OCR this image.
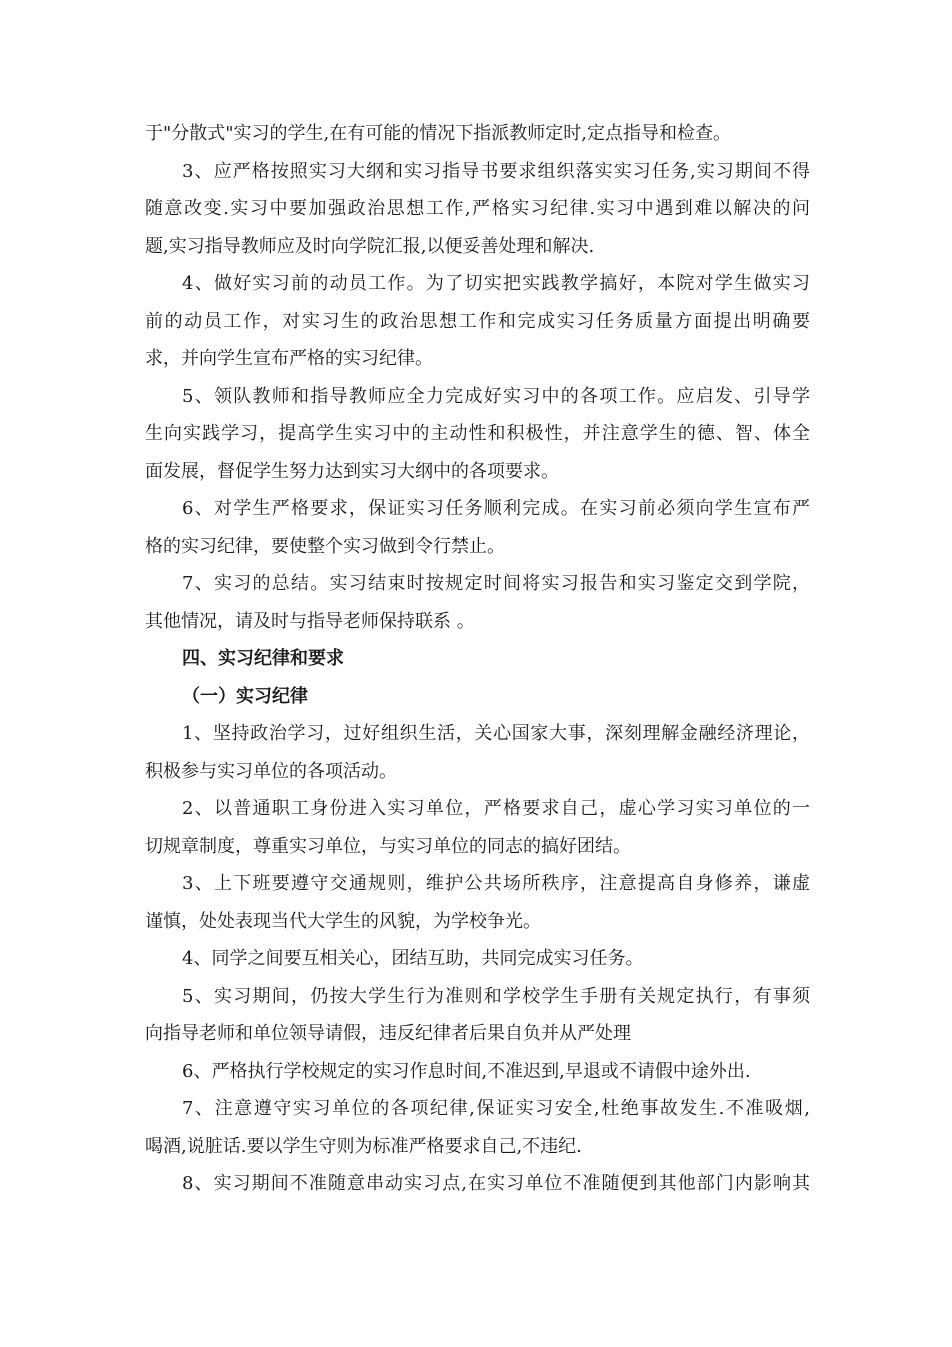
于"分散式"实习的学生,在有可能的情况下指派教师定时,定点指导和检查。
3、应严格按照实习大纲和实习指导书要求组织落实实习任务,实习期间不得
随意改变.实习中要加强政治思想工作,严格实习纪律.实习中遇到难以解决的问
题,实习指导教师应及时向学院汇报,以便妥善处理和解决.
4、做好实习前的动员工作。为了切实把实践教学搞好，本院对学生做实习
前的动员工作，对实习生的政治思想工作和完成实习任务质量方面提出明确要
求，并向学生宣布严格的实习纪律。
5、领队教师和指导教师应全力完成好实习中的各项工作。应启发、引导学
生向实践学习，提高学生实习中的主动性和积极性，并注意学生的德、智、体全
面发展，督促学生努力达到实习大纲中的各项要求。
6、对学生严格要求，保证实习任务顺利完成。在实习前必须向学生宣布严
格的实习纪律，要使整个实习做到令行禁止。
7、实习的总结。实习结束时按规定时间将实习报告和实习鉴定交到学院，
其他情况，请及时与指导老师保持联系 。
四、实习纪律和要求
（一）实习纪律
1、坚持政治学习，过好组织生活，关心国家大事，深刻理解金融经济理论，
积极参与实习单位的各项活动。
2、以普通职工身份进入实习单位，严格要求自己，虚心学习实习单位的一
切规章制度，尊重实习单位，与实习单位的同志的搞好团结。
3、上下班要遵守交通规则，维护公共场所秩序，注意提高自身修养，谦虚
谨慎，处处表现当代大学生的风貌，为学校争光。
4、同学之间要互相关心，团结互助，共同完成实习任务。
5、实习期间，仍按大学生行为准则和学校学生手册有关规定执行，有事须
向指导老师和单位领导请假，违反纪律者后果自负并从严处理
6、严格执行学校规定的实习作息时间,不准迟到,早退或不请假中途外出.
7、注意遵守实习单位的各项纪律,保证实习安全,杜绝事故发生.不准吸烟,
喝酒,说脏话.要以学生守则为标准严格要求自己,不违纪.
8、实习期间不准随意串动实习点,在实习单位不准随便到其他部门内影响其
